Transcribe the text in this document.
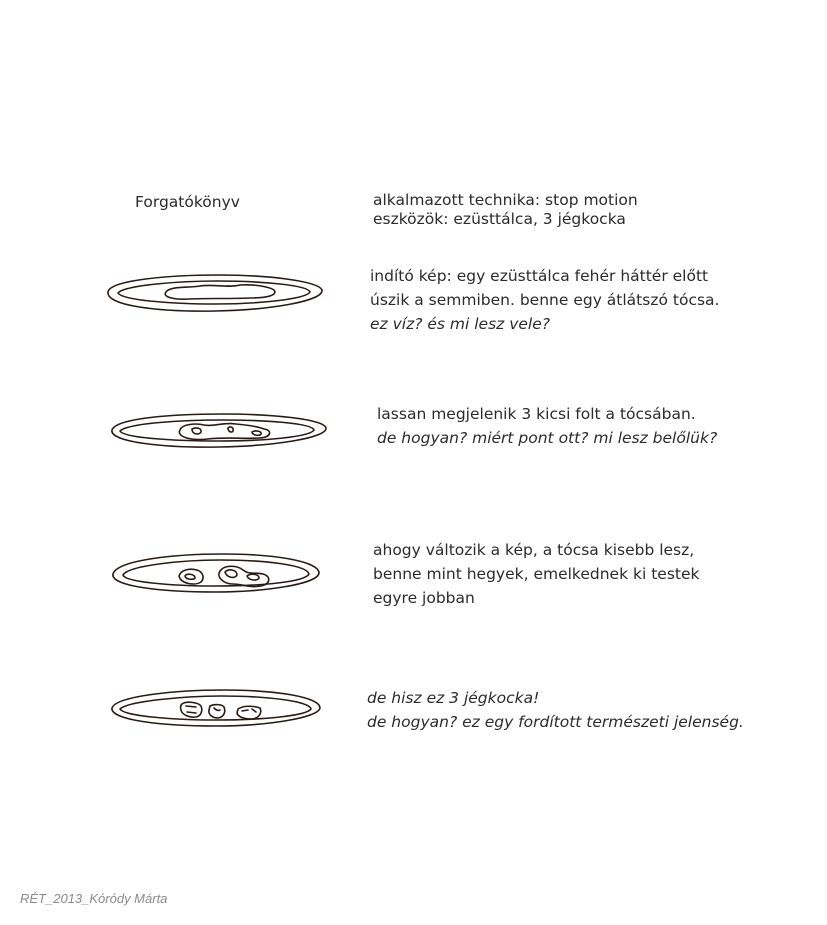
Forgatókönyv	alkalmazott technika: stop motion
eszközök: ezüsttálca, 3 jégkocka
indító kép: egy ezüsttálca fehér háttér előtt
úszik a semmiben. benne egy átlátszó tócsa.
ez víz? és mi lesz vele?
lassan megjelenik 3 kicsi folt a tócsában.
de hogyan? miért pont ott? mi lesz belőlük?
ahogy változik a kép, a tócsa kisebb lesz,
benne mint hegyek, emelkednek ki testek
egyre jobban
de hisz ez 3 jégkocka!
de hogyan? ez egy fordított természeti jelenség.
RÉT_2013_Kóródy Márta
